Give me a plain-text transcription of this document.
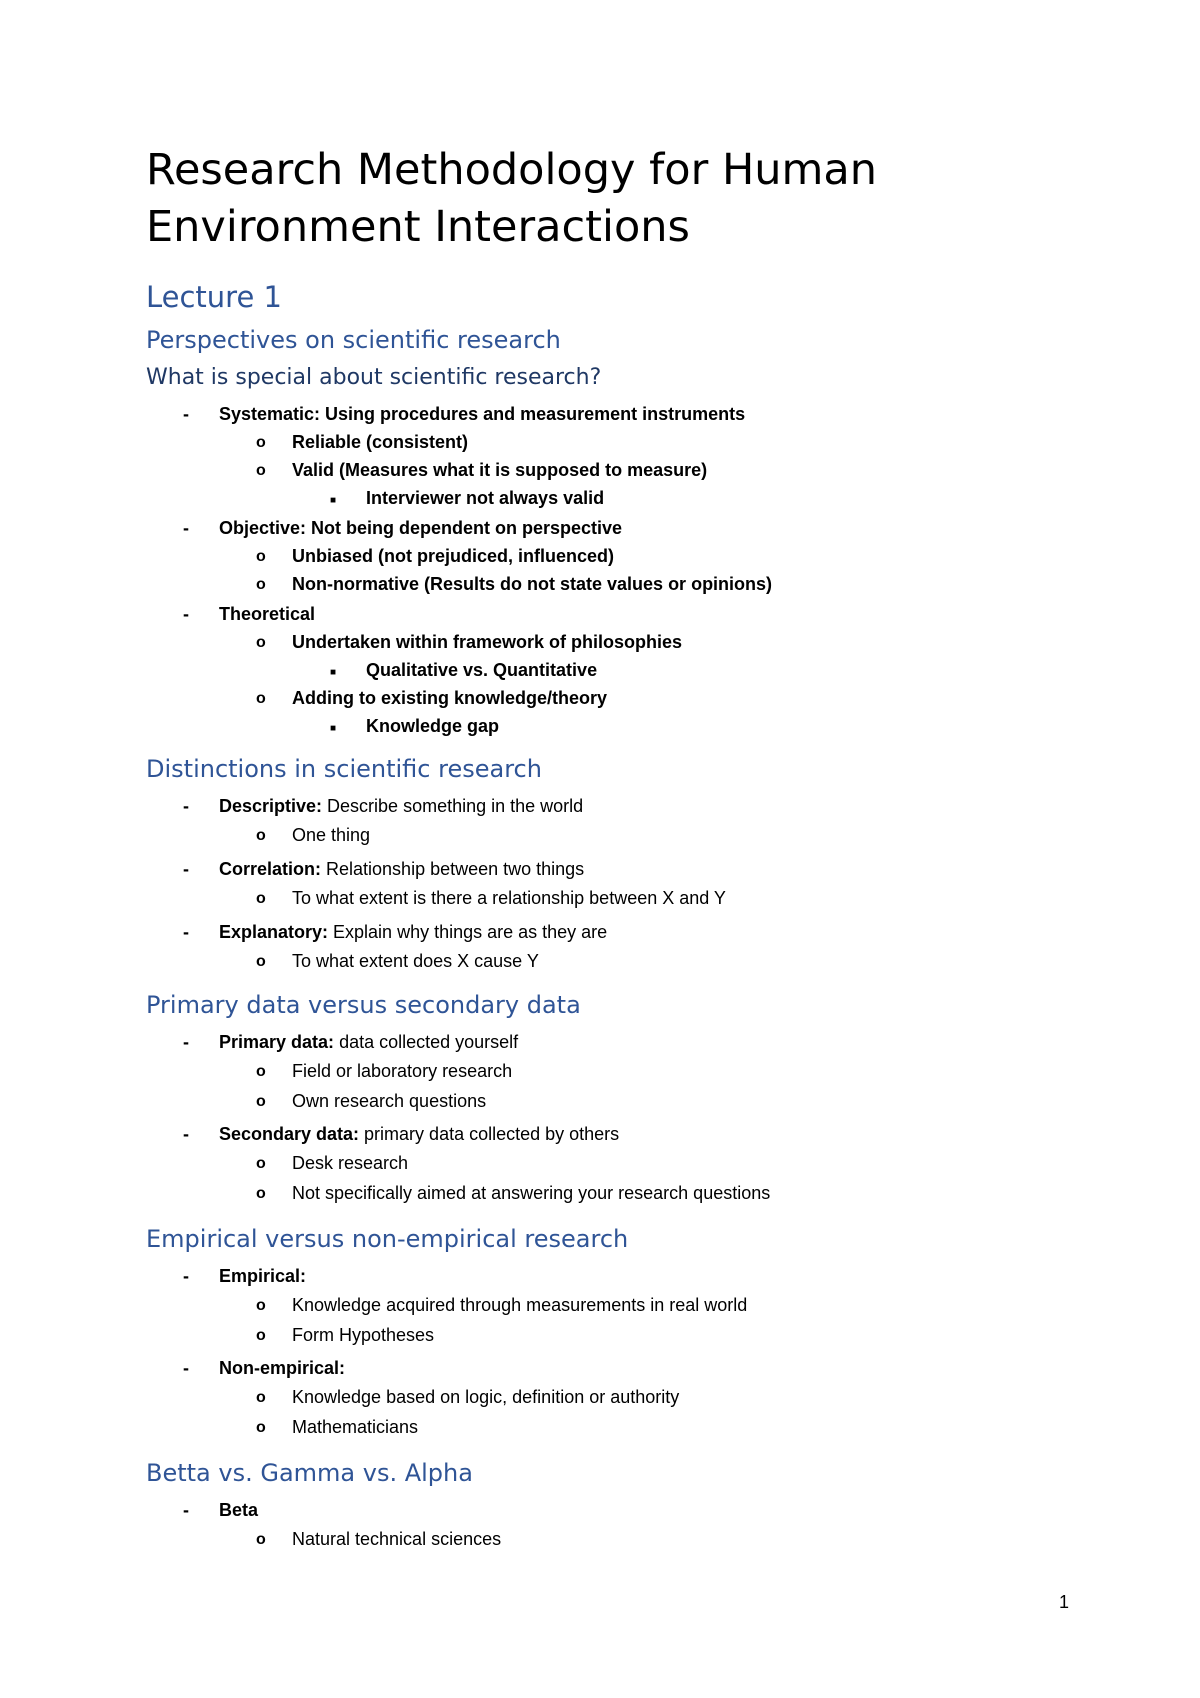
Research Methodology for Human Environment Interactions
Lecture 1
Perspectives on scientific research
What is special about scientific research?
- Systematic: Using procedures and measurement instruments
o Reliable (consistent)
o Valid (Measures what it is supposed to measure)
■ Interviewer not always valid
- Objective: Not being dependent on perspective
o Unbiased (not prejudiced, influenced)
o Non-normative (Results do not state values or opinions)
- Theoretical
o Undertaken within framework of philosophies
■ Qualitative vs. Quantitative
o Adding to existing knowledge/theory
■ Knowledge gap
Distinctions in scientific research
- Descriptive: Describe something in the world
o One thing
- Correlation: Relationship between two things
o To what extent is there a relationship between X and Y
- Explanatory: Explain why things are as they are
o To what extent does X cause Y
Primary data versus secondary data
- Primary data: data collected yourself
o Field or laboratory research
o Own research questions
- Secondary data: primary data collected by others
o Desk research
o Not specifically aimed at answering your research questions
Empirical versus non-empirical research
- Empirical:
o Knowledge acquired through measurements in real world
o Form Hypotheses
- Non-empirical:
o Knowledge based on logic, definition or authority
o Mathematicians
Betta vs. Gamma vs. Alpha
- Beta
o Natural technical sciences
1
